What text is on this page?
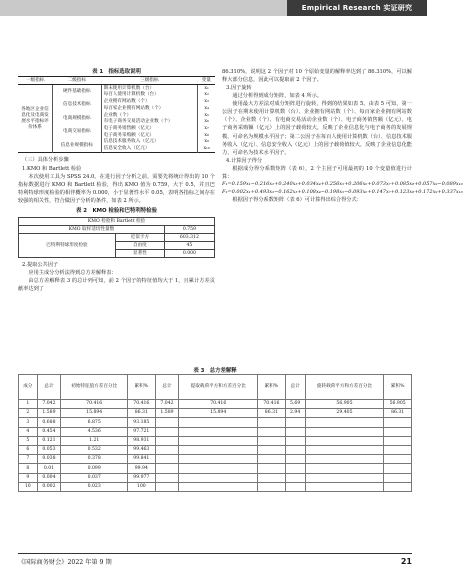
Empirical Research 实证研究
表 1　指标选取说明
一级指标	二级指标	三级指标	变量
各地区企业信息化及电商发展水平指标评价体系	硬件基础指标	期末使用计算机数（台）	x₁
		每百人使用计算机数（台）	x₂
	信息技术指标	企业拥有网站数（个）	x₃
		每百家企业拥有网站数（个）	x₄
	电商规模指标	企业数（个）	x₅
		有电子商务交易活动企业数（个）	x₆
	电商交易指标	电子商务销售额（亿元）	x₇
		电子商务采购额（亿元）	x₈
	信息业规模指标	信息技术服务收入（亿元）	x₉
		信息安全收入（亿元）	x₁₀

（三）具体分析步骤

1.KMO 和 Bartlett 检验

本次使用工具为 SPSS 24.0。在进行因子分析之前，需要先将统计得出的 10 个指标数据进行 KMO 和 Bartlett 检验，得出 KMO 值为 0.759，大于 0.5，并且巴特利特球形度检验的相伴概率为 0.000，小于显著性水平 0.05，表明各指标之间存在较强的相关性，符合做因子分析的条件，如表 2 所示。

表 2　KMO 检验和巴特利特检验
KMO 检验和 Bartlett 检验		
KMO 取样适切性量数		0.759
巴特利特球形度检验	近似卡方	603.312
	自由度	45
	显著性	0.000

2.提取公共因子

应用主成分分析法得到总方差解释表：

由总方差解释表 3 的总计列可知，前 2 个因子的特征值均大于 1，且累计方差贡献率达到了

86.310%，说明这 2 个因子对 10 个原始变量的解释率达到了 86.310%，可以解释大部分信息，因此可以提取前 2 个因子。

3.因子旋转

通过分析得到成分矩阵，如表 4 所示。

使用最大方差法对成分矩阵进行旋转，得到的结果如表 5。由表 5 可知，第一公因子在期末使用计算机数（台）、企业拥有网站数（个）、每百家企业拥有网站数（个）、企业数（个）、有电商交易活动企业数（个）、电子商务销售额（亿元）、电子商务采购额（亿元）上的因子载荷较大，反映了企业信息化与电子商务的发展规模，可命名为规模水平因子；第二公因子在每百人使用计算机数（台）、信息技术服务收入（亿元）、信息安全收入（亿元）上的因子载荷值较大，反映了企业信息化能力，可命名为技术水平因子。

4.计算因子得分

根据成分得分系数矩阵（表 6），2 个主因子可用最初的 10 个变量值进行计算：

F₁=0.159x₁−0.216x₂+0.240x₃+0.034x₄+0.256x₅+0.206x₆+0.073x₇+0.085x₈+0.057x₉−0.089x₁₀

F₂=0.002x₁+0.493x₂−0.162x₃+0.108x₄−0.198x₅−0.093x₆+0.147x₇+0.123x₈+0.172x₉+0.337x₁₀

根据因子得分系数矩阵（表 6）可计算得出综合得分式：

表 3　总方差解释
成分	总计	初始特征值方差百分比	累积%	总计	提取载荷平方和方差百分比	累积%	总计	旋转载荷平方和方差百分比	累积%
1	7.042	70.416	70.416	7.042	70.416	70.416	5.69	56.905	56.905
2	1.589	15.894	86.31	1.589	15.894	86.31	2.94	29.405	86.31
3	0.688	6.875	93.185						
4	0.454	4.536	97.721						
5	0.121	1.21	98.931						
6	0.053	0.532	99.463						
7	0.038	0.378	99.841						
8	0.01	0.099	99.94						
9	0.004	0.037	99.977						
10	0.002	0.023	100						
《国际商务财会》2022 年第 9 期	21
